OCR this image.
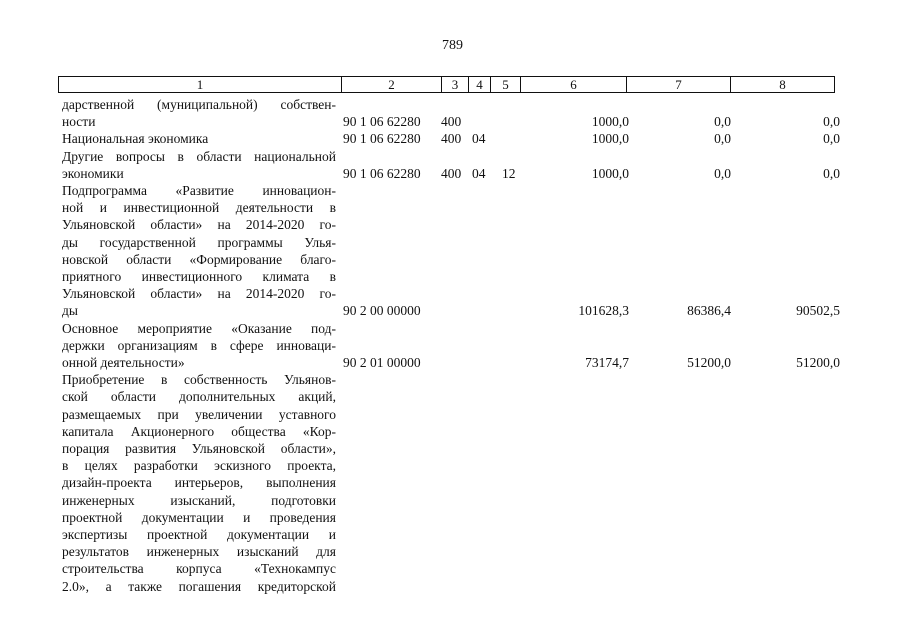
789
1	2	3	4	5	6	7	8
дарственной (муниципальной) собствен-
ности	90 1 06 62280 400	1000,0	0,0	0,0
Национальная экономика	90 1 06 62280 400 04	1000,0	0,0	0,0
Другие вопросы в области национальной
экономики	90 1 06 62280 400 04 12	1000,0	0,0	0,0
Подпрограмма «Развитие инновацион-
ной и инвестиционной деятельности в
Ульяновской области» на 2014-2020 го-
ды государственной программы Улья-
новской области «Формирование благо-
приятного инвестиционного климата в
Ульяновской области» на 2014-2020 го-
ды	90 2 00 00000	101628,3	86386,4	90502,5
Основное мероприятие «Оказание под-
держки организациям в сфере инноваци-
онной деятельности»	90 2 01 00000	73174,7	51200,0	51200,0
Приобретение в собственность Ульянов-
ской области дополнительных акций,
размещаемых при увеличении уставного
капитала Акционерного общества «Кор-
порация развития Ульяновской области»,
в целях разработки эскизного проекта,
дизайн-проекта интерьеров, выполнения
инженерных изысканий, подготовки
проектной документации и проведения
экспертизы проектной документации и
результатов инженерных изысканий для
строительства корпуса «Технокампус
2.0», а также погашения кредиторской
